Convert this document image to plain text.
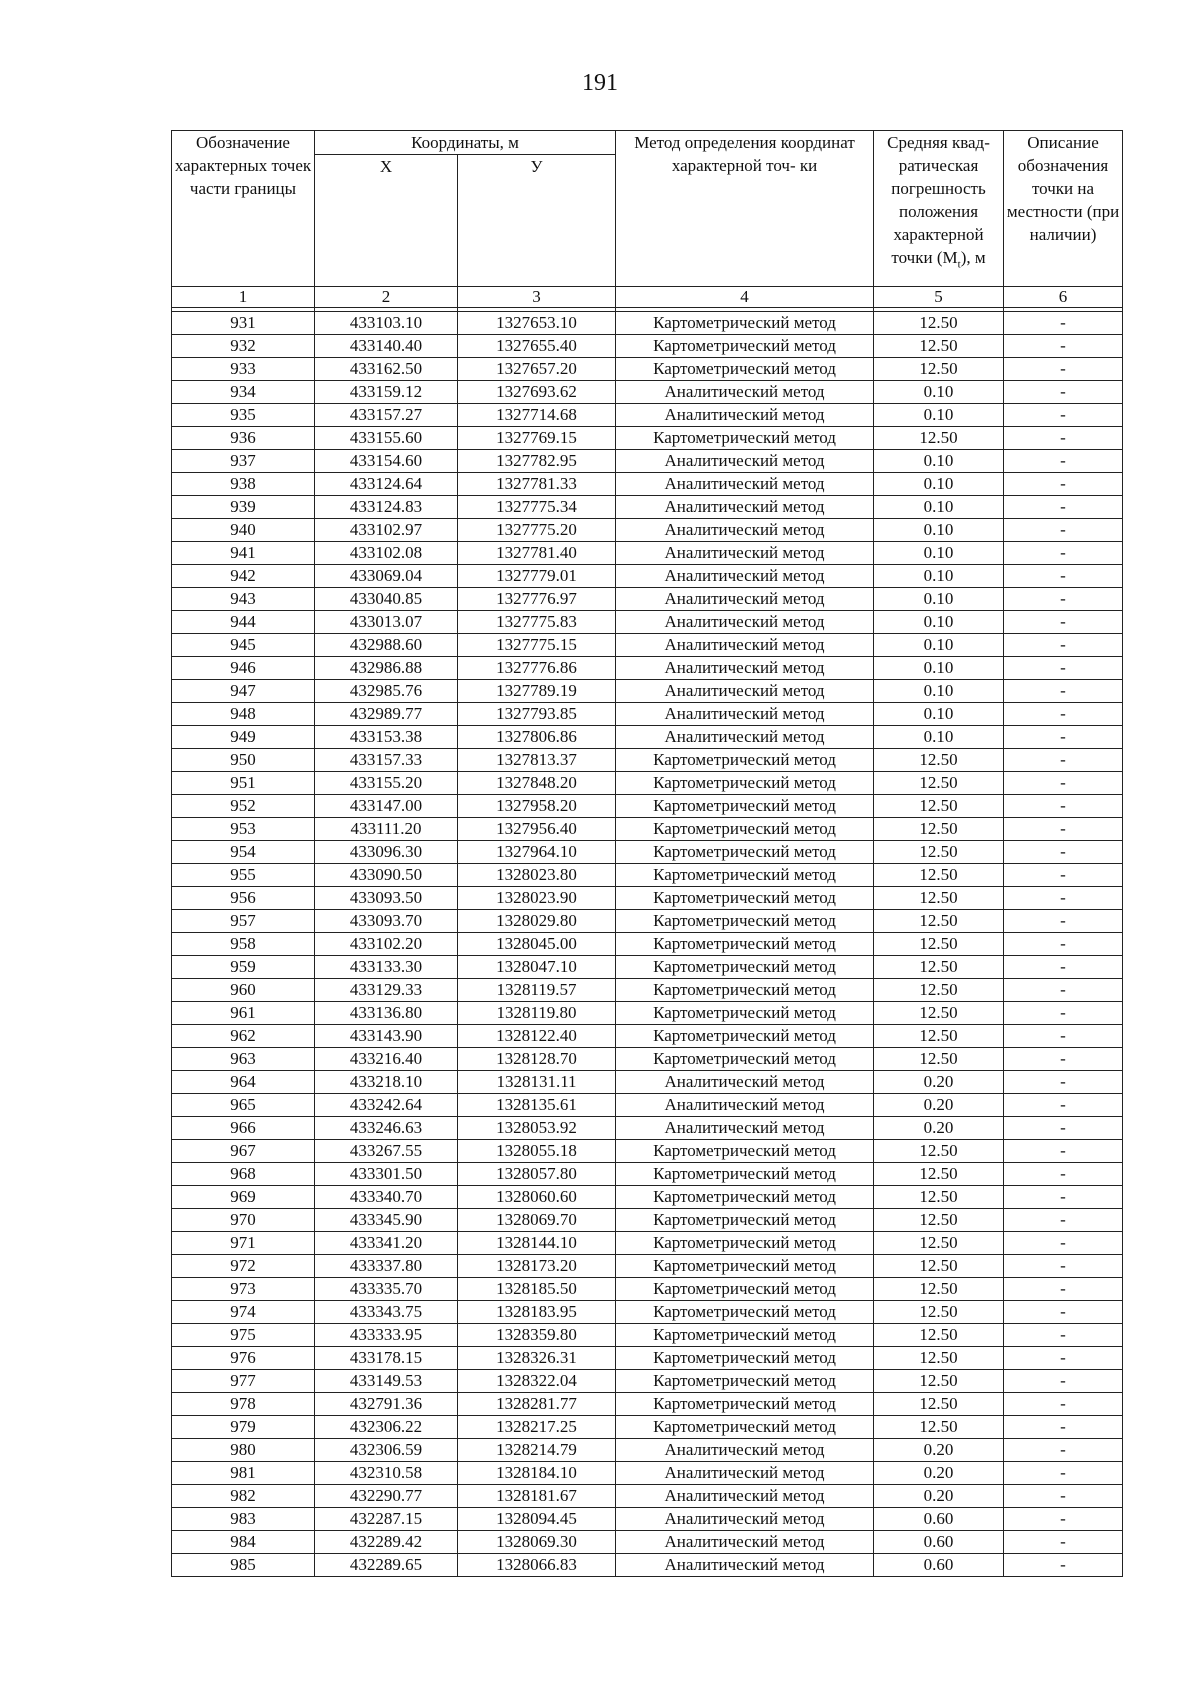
191
Обозначение характерных точек части границы	Координаты, м		Метод определения координат характерной точ- ки	Средняя квад- ратическая погрешность положения характерной точки $(M_t)$, м	Описание обозначения точки на местности (при наличии)
	X	У			
1	2	3	4	5	6

931	433103.10	1327653.10	Картометрический метод	12.50	-
932	433140.40	1327655.40	Картометрический метод	12.50	-
933	433162.50	1327657.20	Картометрический метод	12.50	-
934	433159.12	1327693.62	Аналитический метод	0.10	-
935	433157.27	1327714.68	Аналитический метод	0.10	-
936	433155.60	1327769.15	Картометрический метод	12.50	-
937	433154.60	1327782.95	Аналитический метод	0.10	-
938	433124.64	1327781.33	Аналитический метод	0.10	-
939	433124.83	1327775.34	Аналитический метод	0.10	-
940	433102.97	1327775.20	Аналитический метод	0.10	-
941	433102.08	1327781.40	Аналитический метод	0.10	-
942	433069.04	1327779.01	Аналитический метод	0.10	-
943	433040.85	1327776.97	Аналитический метод	0.10	-
944	433013.07	1327775.83	Аналитический метод	0.10	-
945	432988.60	1327775.15	Аналитический метод	0.10	-
946	432986.88	1327776.86	Аналитический метод	0.10	-
947	432985.76	1327789.19	Аналитический метод	0.10	-
948	432989.77	1327793.85	Аналитический метод	0.10	-
949	433153.38	1327806.86	Аналитический метод	0.10	-
950	433157.33	1327813.37	Картометрический метод	12.50	-
951	433155.20	1327848.20	Картометрический метод	12.50	-
952	433147.00	1327958.20	Картометрический метод	12.50	-
953	433111.20	1327956.40	Картометрический метод	12.50	-
954	433096.30	1327964.10	Картометрический метод	12.50	-
955	433090.50	1328023.80	Картометрический метод	12.50	-
956	433093.50	1328023.90	Картометрический метод	12.50	-
957	433093.70	1328029.80	Картометрический метод	12.50	-
958	433102.20	1328045.00	Картометрический метод	12.50	-
959	433133.30	1328047.10	Картометрический метод	12.50	-
960	433129.33	1328119.57	Картометрический метод	12.50	-
961	433136.80	1328119.80	Картометрический метод	12.50	-
962	433143.90	1328122.40	Картометрический метод	12.50	-
963	433216.40	1328128.70	Картометрический метод	12.50	-
964	433218.10	1328131.11	Аналитический метод	0.20	-
965	433242.64	1328135.61	Аналитический метод	0.20	-
966	433246.63	1328053.92	Аналитический метод	0.20	-
967	433267.55	1328055.18	Картометрический метод	12.50	-
968	433301.50	1328057.80	Картометрический метод	12.50	-
969	433340.70	1328060.60	Картометрический метод	12.50	-
970	433345.90	1328069.70	Картометрический метод	12.50	-
971	433341.20	1328144.10	Картометрический метод	12.50	-
972	433337.80	1328173.20	Картометрический метод	12.50	-
973	433335.70	1328185.50	Картометрический метод	12.50	-
974	433343.75	1328183.95	Картометрический метод	12.50	-
975	433333.95	1328359.80	Картометрический метод	12.50	-
976	433178.15	1328326.31	Картометрический метод	12.50	-
977	433149.53	1328322.04	Картометрический метод	12.50	-
978	432791.36	1328281.77	Картометрический метод	12.50	-
979	432306.22	1328217.25	Картометрический метод	12.50	-
980	432306.59	1328214.79	Аналитический метод	0.20	-
981	432310.58	1328184.10	Аналитический метод	0.20	-
982	432290.77	1328181.67	Аналитический метод	0.20	-
983	432287.15	1328094.45	Аналитический метод	0.60	-
984	432289.42	1328069.30	Аналитический метод	0.60	-
985	432289.65	1328066.83	Аналитический метод	0.60	-
